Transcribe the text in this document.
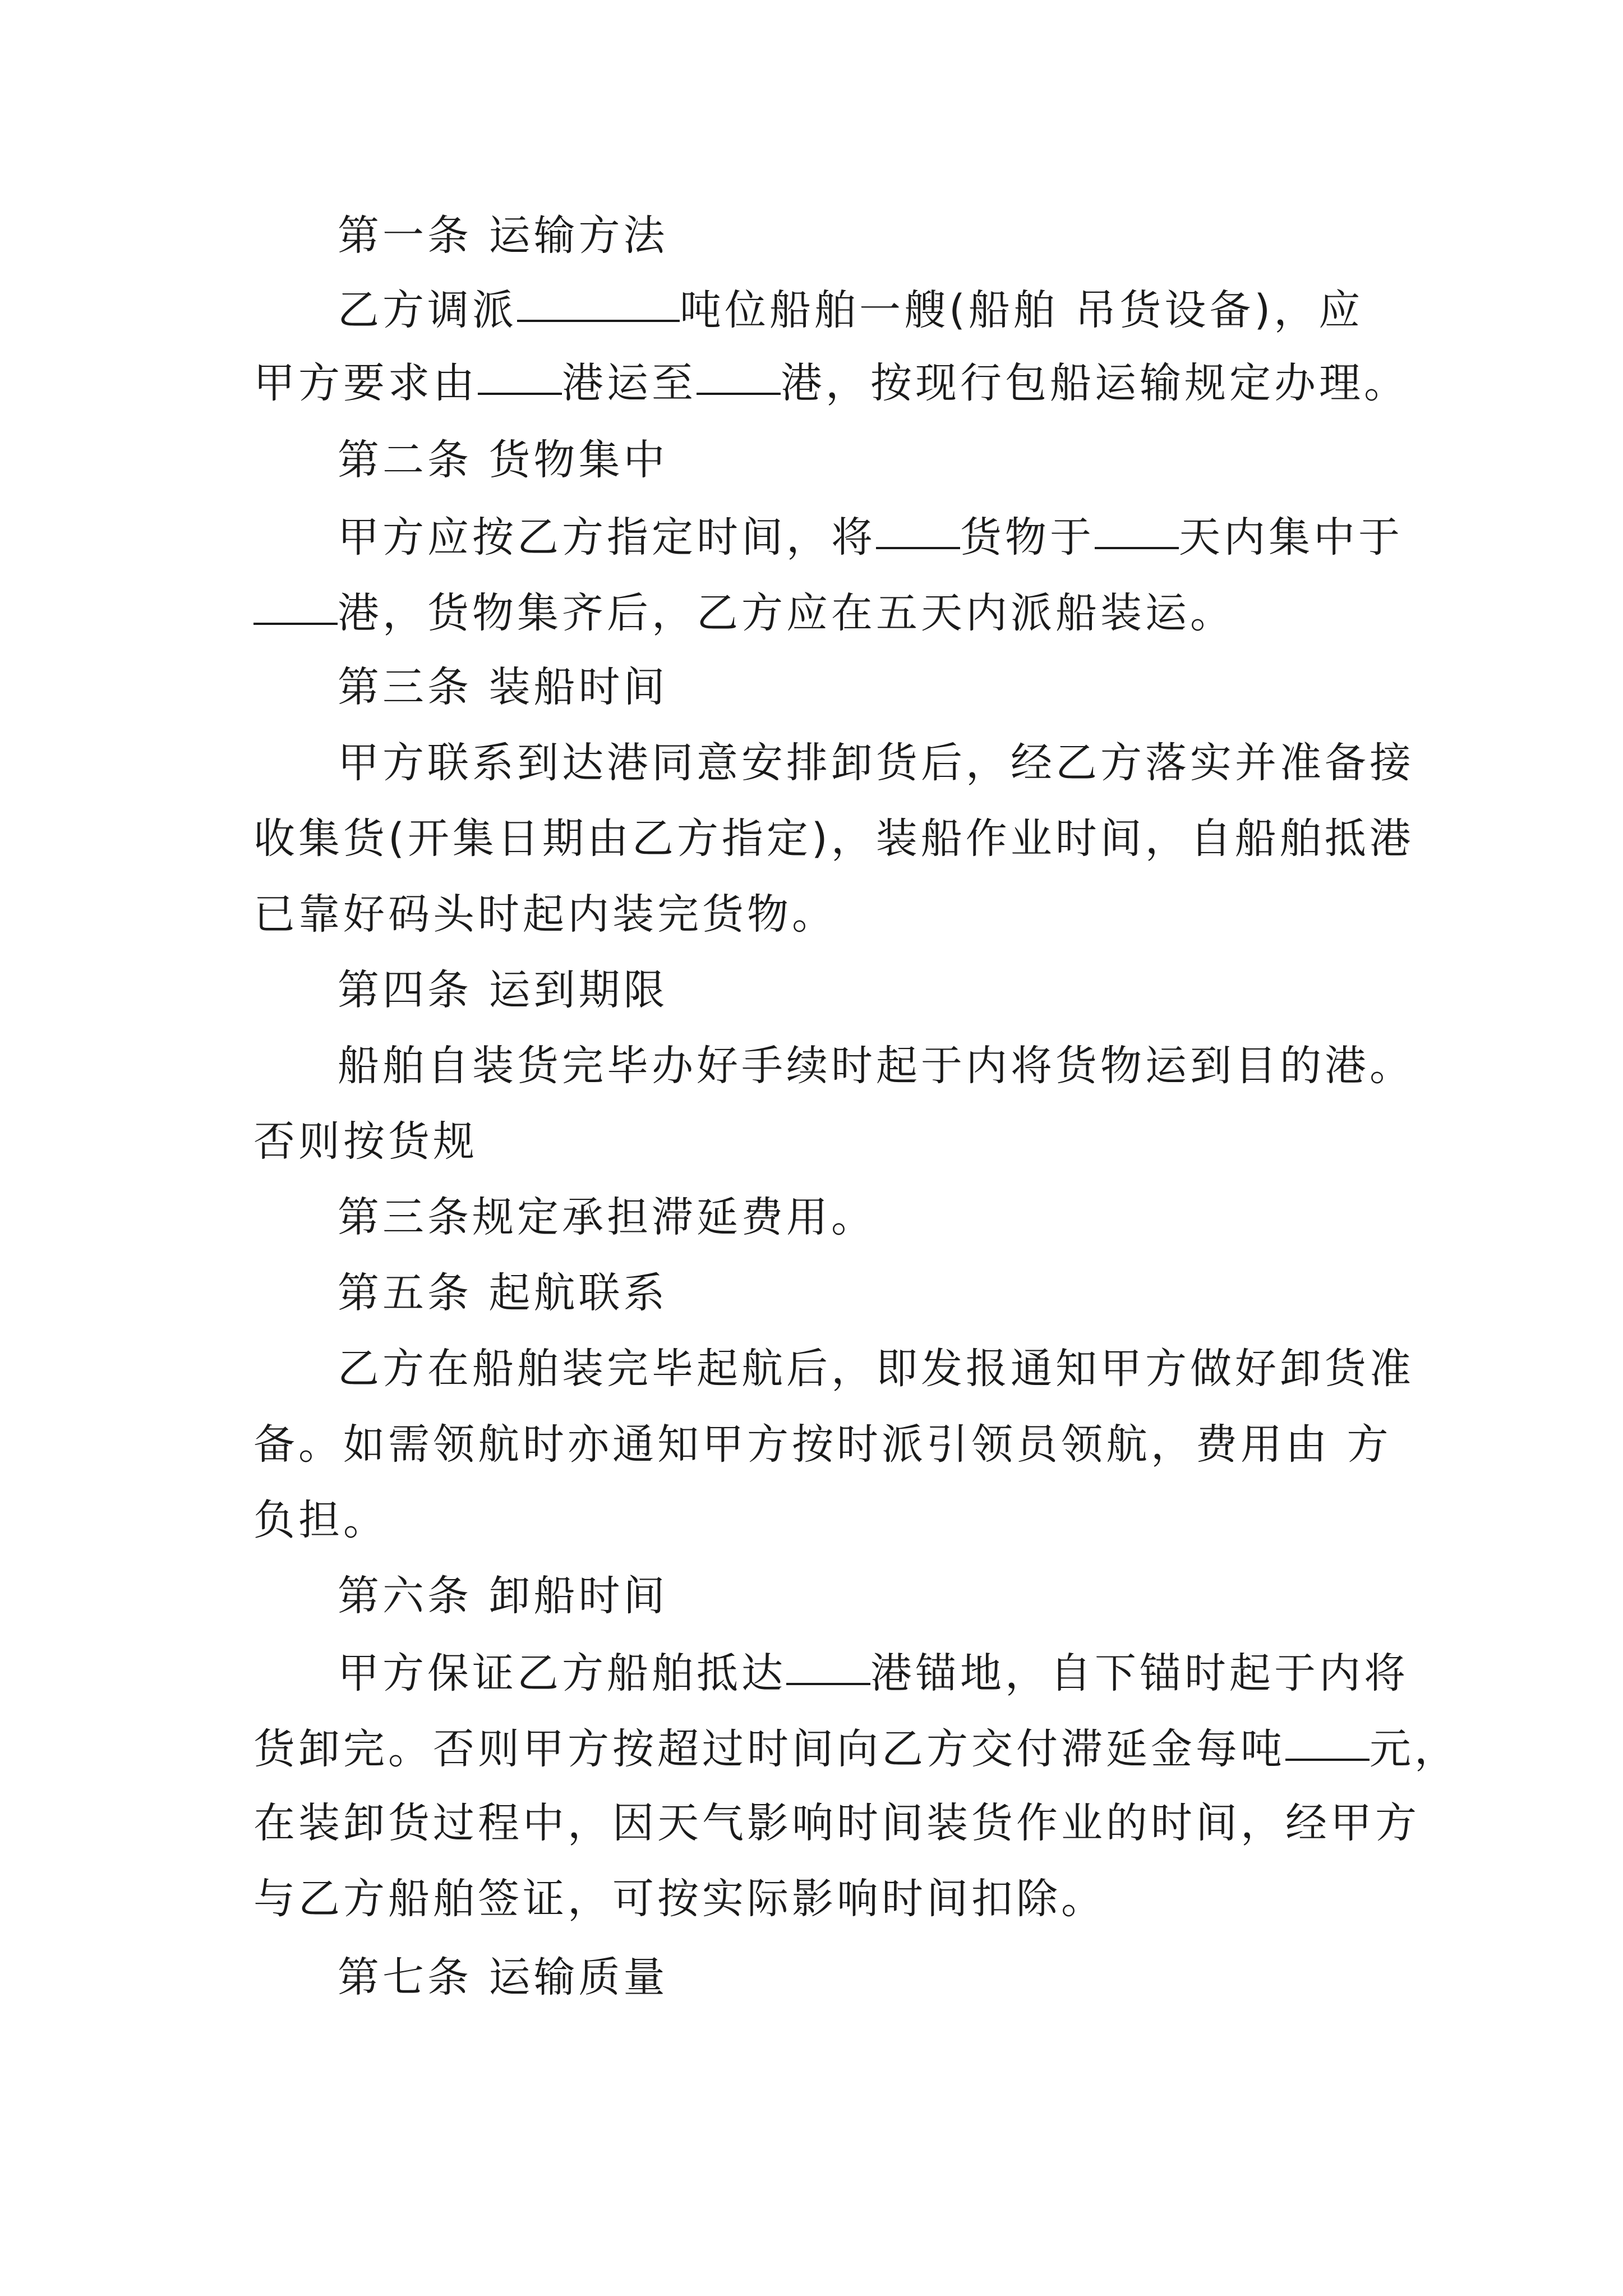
第一条 运输方法
乙方调派	吨位船舶一艘(船舶 吊货设备)，应
甲方要求由 港运至 港，按现行包船运输规定办理。
第二条 货物集中
甲方应按乙方指定时间，将 货物于 天内集中于
港，货物集齐后，乙方应在五天内派船装运。
第三条 装船时间
甲方联系到达港同意安排卸货后，经乙方落实并准备接
收集货(开集日期由乙方指定)，装船作业时间，自船舶抵港
已靠好码头时起内装完货物。
第四条 运到期限
船舶自装货完毕办好手续时起于内将货物运到目的港。
否则按货规
第三条规定承担滞延费用。
第五条 起航联系
乙方在船舶装完毕起航后，即发报通知甲方做好卸货准
备。如需领航时亦通知甲方按时派引领员领航，费用由 方
负担。
第六条 卸船时间
甲方保证乙方船舶抵达 港锚地，自下锚时起于内将
货卸完。否则甲方按超过时间向乙方交付滞延金每吨 元，
在装卸货过程中，因天气影响时间装货作业的时间，经甲方
与乙方船舶签证，可按实际影响时间扣除。
第七条 运输质量
